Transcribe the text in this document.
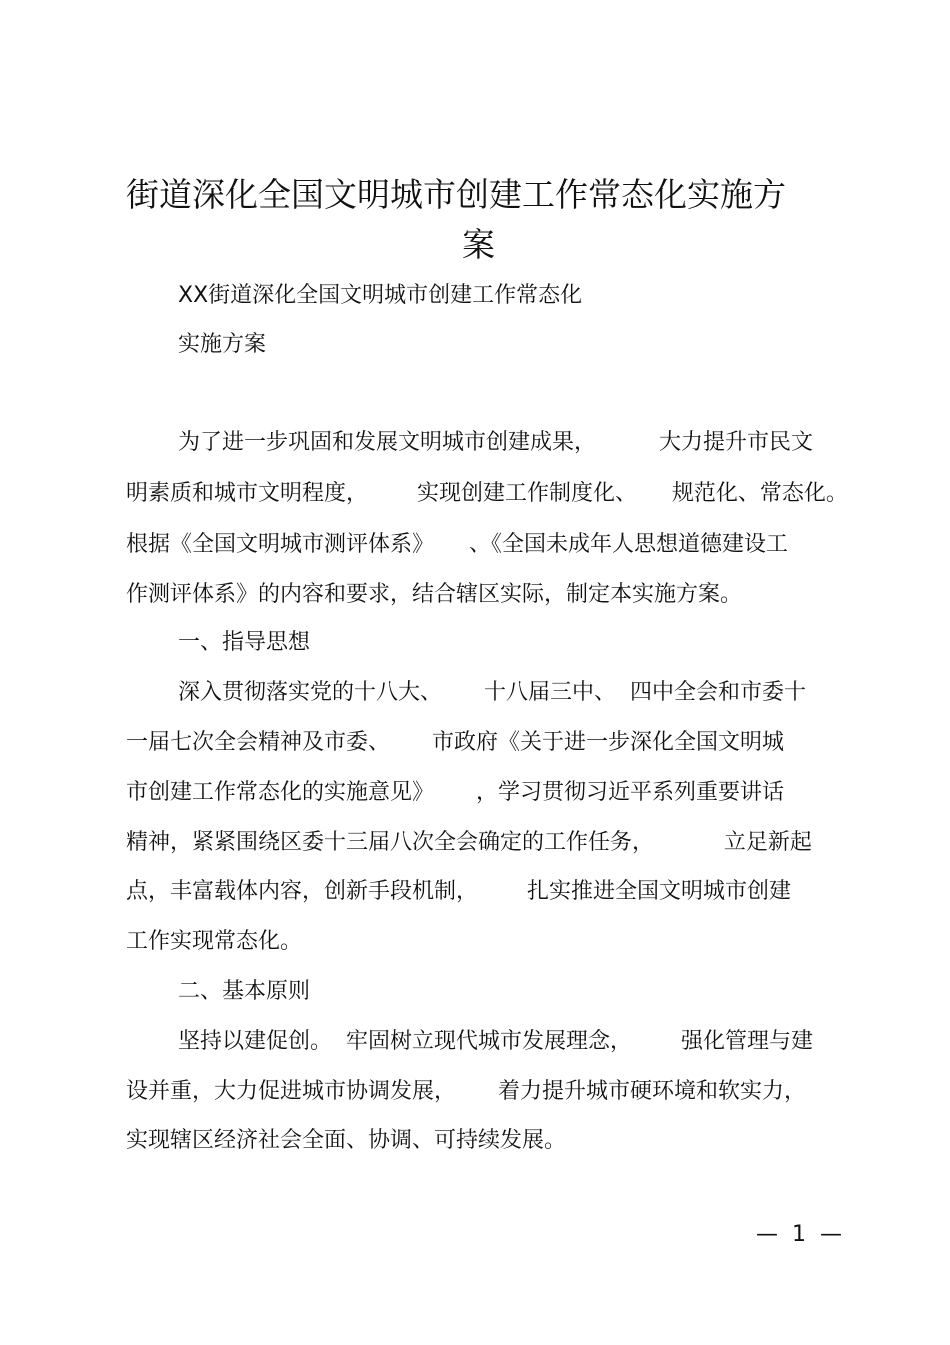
街道深化全国文明城市创建工作常态化实施方
案
XX街道深化全国文明城市创建工作常态化
实施方案
为了进一步巩固和发展文明城市创建成果，         大力提升市民文
明素质和城市文明程度，       实现创建工作制度化、     规范化、常态化。
根据《全国文明城市测评体系》     、《全国未成年人思想道德建设工
作测评体系》的内容和要求，结合辖区实际，制定本实施方案。
一、指导思想
深入贯彻落实党的十八大、      十八届三中、  四中全会和市委十
一届七次全会精神及市委、      市政府《关于进一步深化全国文明城
市创建工作常态化的实施意见》      ，学习贯彻习近平系列重要讲话
精神，紧紧围绕区委十三届八次全会确定的工作任务，          立足新起
点，丰富载体内容，创新手段机制，       扎实推进全国文明城市创建
工作实现常态化。
二、基本原则
坚持以建促创。  牢固树立现代城市发展理念，       强化管理与建
设并重，大力促进城市协调发展，      着力提升城市硬环境和软实力，
实现辖区经济社会全面、协调、可持续发展。
—  1  —
